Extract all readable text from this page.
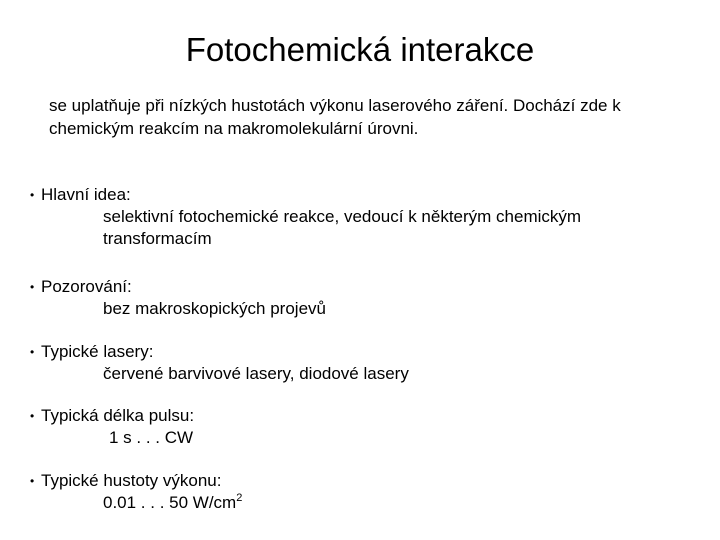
Fotochemická interakce

se uplatňuje při nízkých hustotách výkonu laserového záření. Dochází zde k chemickým reakcím na makromolekulární úrovni.

• Hlavní idea:
selektivní fotochemické reakce, vedoucí k některým chemickým transformacím
• Pozorování:
bez makroskopických projevů
• Typické lasery:
červené barvivové lasery, diodové lasery
• Typická délka pulsu:
1 s . . . CW
• Typické hustoty výkonu:
0.01 . . . 50 $W/cm^2$
